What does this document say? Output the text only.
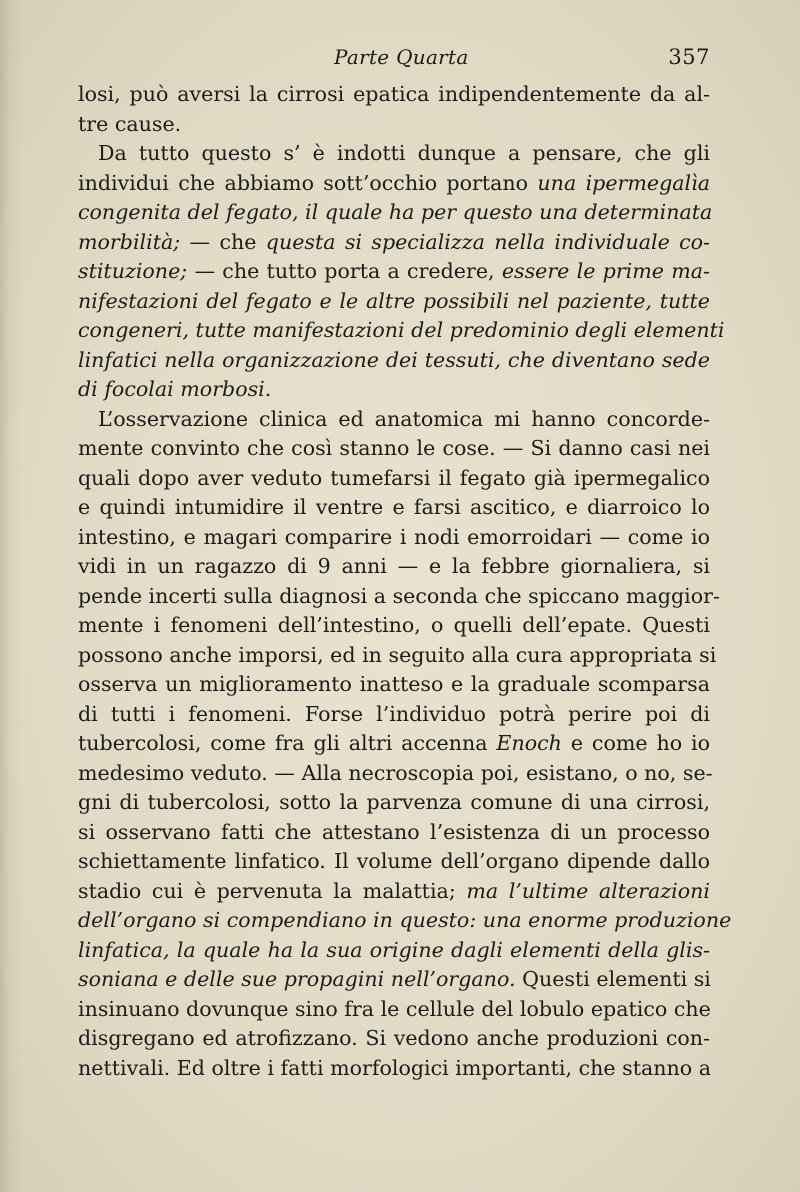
Parte Quarta	357
losi, può aversi la cirrosi epatica indipendentemente da al-
tre cause.
Da tutto questo s’ è indotti dunque a pensare, che gli
individui che abbiamo sott’occhio portano una ipermegalìa
congenita del fegato, il quale ha per questo una determinata
morbilità; — che questa si specializza nella individuale co-
stituzione; — che tutto porta a credere, essere le prime ma-
nifestazioni del fegato e le altre possibili nel paziente, tutte
congeneri, tutte manifestazioni del predominio degli elementi
linfatici nella organizzazione dei tessuti, che diventano sede
di focolai morbosi.
L’osservazione clinica ed anatomica mi hanno concorde-
mente convinto che così stanno le cose. — Si danno casi nei
quali dopo aver veduto tumefarsi il fegato già ipermegalico
e quindi intumidire il ventre e farsi ascitico, e diarroico lo
intestino, e magari comparire i nodi emorroidari — come io
vidi in un ragazzo di 9 anni — e la febbre giornaliera, si
pende incerti sulla diagnosi a seconda che spiccano maggior-
mente i fenomeni dell’intestino, o quelli dell’epate. Questi
possono anche imporsi, ed in seguito alla cura appropriata si
osserva un miglioramento inatteso e la graduale scomparsa
di tutti i fenomeni. Forse l’individuo potrà perire poi di
tubercolosi, come fra gli altri accenna Enoch e come ho io
medesimo veduto. — Alla necroscopia poi, esistano, o no, se-
gni di tubercolosi, sotto la parvenza comune di una cirrosi,
si osservano fatti che attestano l’esistenza di un processo
schiettamente linfatico. Il volume dell’organo dipende dallo
stadio cui è pervenuta la malattia; ma l’ultime alterazioni
dell’organo si compendiano in questo: una enorme produzione
linfatica, la quale ha la sua origine dagli elementi della glis-
soniana e delle sue propagini nell’organo. Questi elementi si
insinuano dovunque sino fra le cellule del lobulo epatico che
disgregano ed atrofizzano. Si vedono anche produzioni con-
nettivali. Ed oltre i fatti morfologici importanti, che stanno a
